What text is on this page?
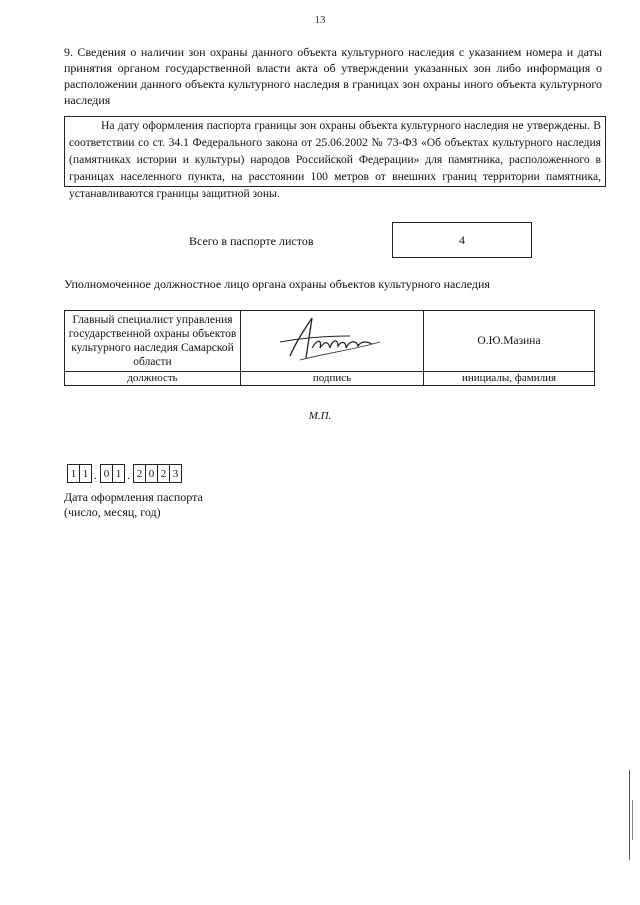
13
9. Сведения о наличии зон охраны данного объекта культурного наследия с указанием номера и даты принятия органом государственной власти акта об утверждении указанных зон либо информация о расположении данного объекта культурного наследия в границах зон охраны иного объекта культурного наследия

На дату оформления паспорта границы зон охраны объекта культурного наследия не утверждены. В соответствии со ст. 34.1 Федерального закона от 25.06.2002 № 73-ФЗ «Об объектах культурного наследия (памятниках истории и культуры) народов Российской Федерации» для памятника, расположенного в границах населенного пункта, на расстоянии 100 метров от внешних границ территории памятника, устанавливаются границы защитной зоны.

Всего в паспорте листов	4
Уполномоченное должностное лицо органа охраны объектов культурного наследия
Главный специалист управления государственной охраны объектов культурного наследия Самарской области		О.Ю.Мазина
должность	подпись	инициалы, фамилия
М.П.
1 1 . 0 1 . 2 0 2 3
Дата оформления паспорта
(число, месяц, год)
